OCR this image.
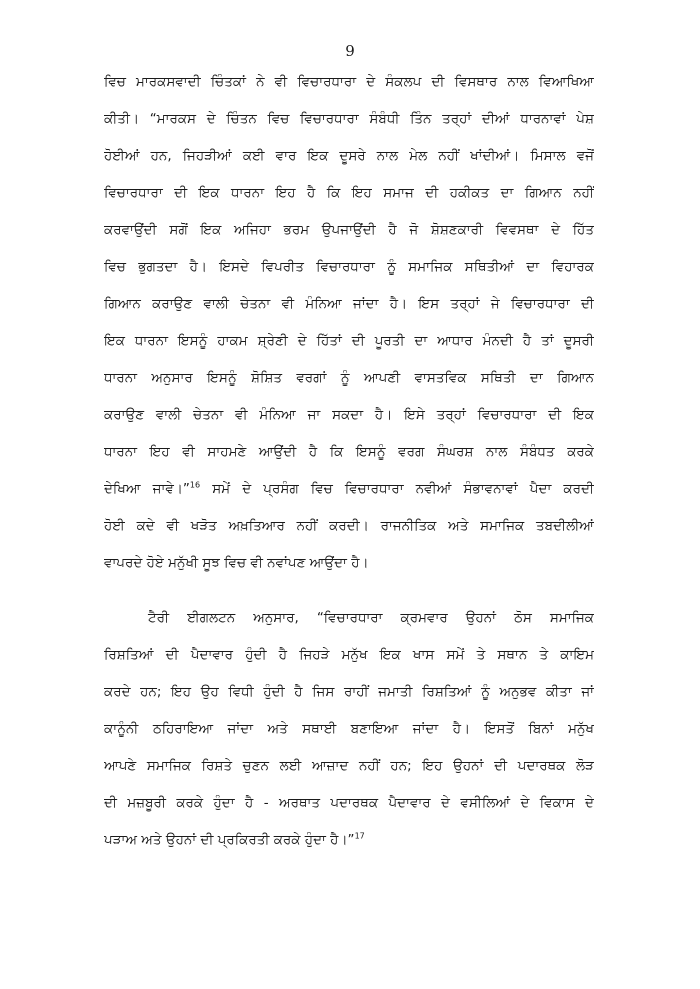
9
ਵਿਚ ਮਾਰਕਸਵਾਦੀ ਚਿੰਤਕਾਂ ਨੇ ਵੀ ਵਿਚਾਰਧਾਰਾ ਦੇ ਸੰਕਲਪ ਦੀ ਵਿਸਥਾਰ ਨਾਲ ਵਿਆਖਿਆ
ਕੀਤੀ। “ਮਾਰਕਸ ਦੇ ਚਿੰਤਨ ਵਿਚ ਵਿਚਾਰਧਾਰਾ ਸੰਬੰਧੀ ਤਿੰਨ ਤਰ੍ਹਾਂ ਦੀਆਂ ਧਾਰਨਾਵਾਂ ਪੇਸ਼
ਹੋਈਆਂ ਹਨ, ਜਿਹੜੀਆਂ ਕਈ ਵਾਰ ਇਕ ਦੂਸਰੇ ਨਾਲ ਮੇਲ ਨਹੀਂ ਖਾਂਦੀਆਂ। ਮਿਸਾਲ ਵਜੋਂ
ਵਿਚਾਰਧਾਰਾ ਦੀ ਇਕ ਧਾਰਨਾ ਇਹ ਹੈ ਕਿ ਇਹ ਸਮਾਜ ਦੀ ਹਕੀਕਤ ਦਾ ਗਿਆਨ ਨਹੀਂ
ਕਰਵਾਉਂਦੀ ਸਗੋਂ ਇਕ ਅਜਿਹਾ ਭਰਮ ਉਪਜਾਉਂਦੀ ਹੈ ਜੋ ਸ਼ੋਸ਼ਣਕਾਰੀ ਵਿਵਸਥਾ ਦੇ ਹਿੱਤ
ਵਿਚ ਭੁਗਤਦਾ ਹੈ। ਇਸਦੇ ਵਿਪਰੀਤ ਵਿਚਾਰਧਾਰਾ ਨੂੰ ਸਮਾਜਿਕ ਸਥਿਤੀਆਂ ਦਾ ਵਿਹਾਰਕ
ਗਿਆਨ ਕਰਾਉਣ ਵਾਲੀ ਚੇਤਨਾ ਵੀ ਮੰਨਿਆ ਜਾਂਦਾ ਹੈ। ਇਸ ਤਰ੍ਹਾਂ ਜੇ ਵਿਚਾਰਧਾਰਾ ਦੀ
ਇਕ ਧਾਰਨਾ ਇਸਨੂੰ ਹਾਕਮ ਸ਼੍ਰੇਣੀ ਦੇ ਹਿੱਤਾਂ ਦੀ ਪੂਰਤੀ ਦਾ ਆਧਾਰ ਮੰਨਦੀ ਹੈ ਤਾਂ ਦੂਸਰੀ
ਧਾਰਨਾ ਅਨੁਸਾਰ ਇਸਨੂੰ ਸ਼ੋਸ਼ਿਤ ਵਰਗਾਂ ਨੂੰ ਆਪਣੀ ਵਾਸਤਵਿਕ ਸਥਿਤੀ ਦਾ ਗਿਆਨ
ਕਰਾਉਣ ਵਾਲੀ ਚੇਤਨਾ ਵੀ ਮੰਨਿਆ ਜਾ ਸਕਦਾ ਹੈ। ਇਸੇ ਤਰ੍ਹਾਂ ਵਿਚਾਰਧਾਰਾ ਦੀ ਇਕ
ਧਾਰਨਾ ਇਹ ਵੀ ਸਾਹਮਣੇ ਆਉਂਦੀ ਹੈ ਕਿ ਇਸਨੂੰ ਵਰਗ ਸੰਘਰਸ਼ ਨਾਲ ਸੰਬੰਧਤ ਕਰਕੇ
ਦੇਖਿਆ ਜਾਵੇ।”$^{16}$ ਸਮੇਂ ਦੇ ਪ੍ਰਸੰਗ ਵਿਚ ਵਿਚਾਰਧਾਰਾ ਨਵੀਆਂ ਸੰਭਾਵਨਾਵਾਂ ਪੈਦਾ ਕਰਦੀ
ਹੋਈ ਕਦੇ ਵੀ ਖੜੋਤ ਅਖ਼ਤਿਆਰ ਨਹੀਂ ਕਰਦੀ। ਰਾਜਨੀਤਿਕ ਅਤੇ ਸਮਾਜਿਕ ਤਬਦੀਲੀਆਂ
ਵਾਪਰਦੇ ਹੋਏ ਮਨੁੱਖੀ ਸੂਝ ਵਿਚ ਵੀ ਨਵਾਂਪਣ ਆਉਂਦਾ ਹੈ।
ਟੈਰੀ ਈਗਲਟਨ ਅਨੁਸਾਰ, “ਵਿਚਾਰਧਾਰਾ ਕ੍ਰਮਵਾਰ ਉਹਨਾਂ ਠੋਸ ਸਮਾਜਿਕ
ਰਿਸ਼ਤਿਆਂ ਦੀ ਪੈਦਾਵਾਰ ਹੁੰਦੀ ਹੈ ਜਿਹੜੇ ਮਨੁੱਖ ਇਕ ਖਾਸ ਸਮੇਂ ਤੇ ਸਥਾਨ ਤੇ ਕਾਇਮ
ਕਰਦੇ ਹਨ; ਇਹ ਉਹ ਵਿਧੀ ਹੁੰਦੀ ਹੈ ਜਿਸ ਰਾਹੀਂ ਜਮਾਤੀ ਰਿਸ਼ਤਿਆਂ ਨੂੰ ਅਨੁਭਵ ਕੀਤਾ ਜਾਂ
ਕਾਨੂੰਨੀ ਠਹਿਰਾਇਆ ਜਾਂਦਾ ਅਤੇ ਸਥਾਈ ਬਣਾਇਆ ਜਾਂਦਾ ਹੈ। ਇਸਤੋਂ ਬਿਨਾਂ ਮਨੁੱਖ
ਆਪਣੇ ਸਮਾਜਿਕ ਰਿਸ਼ਤੇ ਚੁਣਨ ਲਈ ਆਜ਼ਾਦ ਨਹੀਂ ਹਨ; ਇਹ ਉਹਨਾਂ ਦੀ ਪਦਾਰਥਕ ਲੋੜ
ਦੀ ਮਜ਼ਬੂਰੀ ਕਰਕੇ ਹੁੰਦਾ ਹੈ - ਅਰਥਾਤ ਪਦਾਰਥਕ ਪੈਦਾਵਾਰ ਦੇ ਵਸੀਲਿਆਂ ਦੇ ਵਿਕਾਸ ਦੇ
ਪੜਾਅ ਅਤੇ ਉਹਨਾਂ ਦੀ ਪ੍ਰਕਿਰਤੀ ਕਰਕੇ ਹੁੰਦਾ ਹੈ।”$^{17}$
